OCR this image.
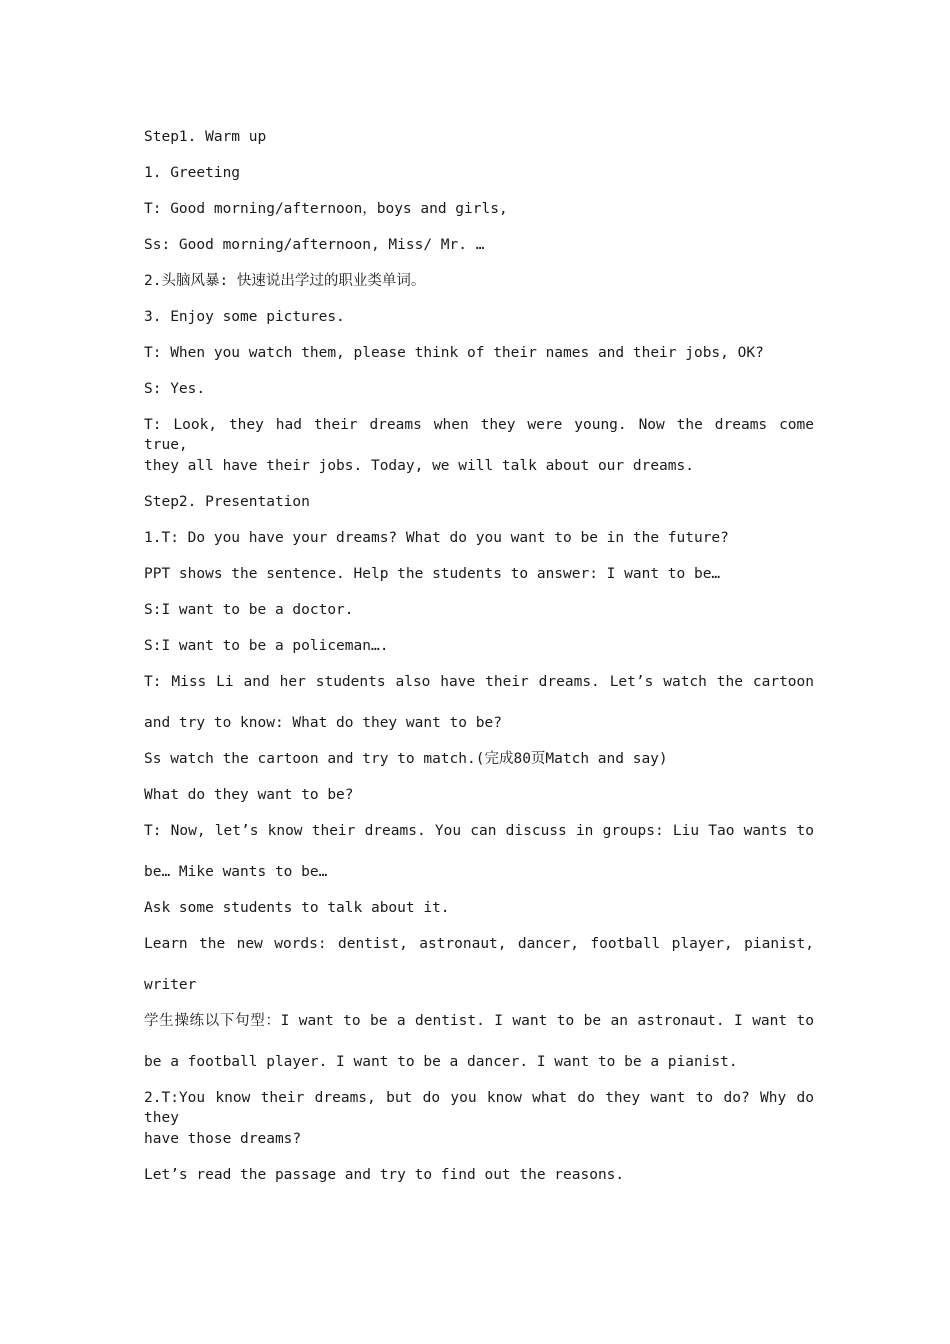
Step1. Warm up

1. Greeting

T: Good morning/afternoon，boys and girls,

Ss: Good morning/afternoon, Miss/ Mr. …

2.头脑风暴: 快速说出学过的职业类单词。

3. Enjoy some pictures.

T: When you watch them, please think of their names and their jobs, OK?

S: Yes.

T: Look, they had their dreams when they were young. Now the dreams come true,

they all have their jobs. Today, we will talk about our dreams.

Step2. Presentation

1.T: Do you have your dreams? What do you want to be in the future?

PPT shows the sentence. Help the students to answer: I want to be…

S:I want to be a doctor.

S:I want to be a policeman….

T: Miss Li and her students also have their dreams. Let’s watch the cartoon

and try to know: What do they want to be?

Ss watch the cartoon and try to match.(完成80页Match and say)

What do they want to be?

T: Now, let’s know their dreams. You can discuss in groups: Liu Tao wants to

be… Mike wants to be…

Ask some students to talk about it.

Learn the new words: dentist, astronaut, dancer, football player, pianist,

writer

学生操练以下句型：I want to be a dentist. I want to be an astronaut. I want to

be a football player. I want to be a dancer. I want to be a pianist.

2.T:You know their dreams, but do you know what do they want to do? Why do they

have those dreams?

Let’s read the passage and try to find out the reasons.
